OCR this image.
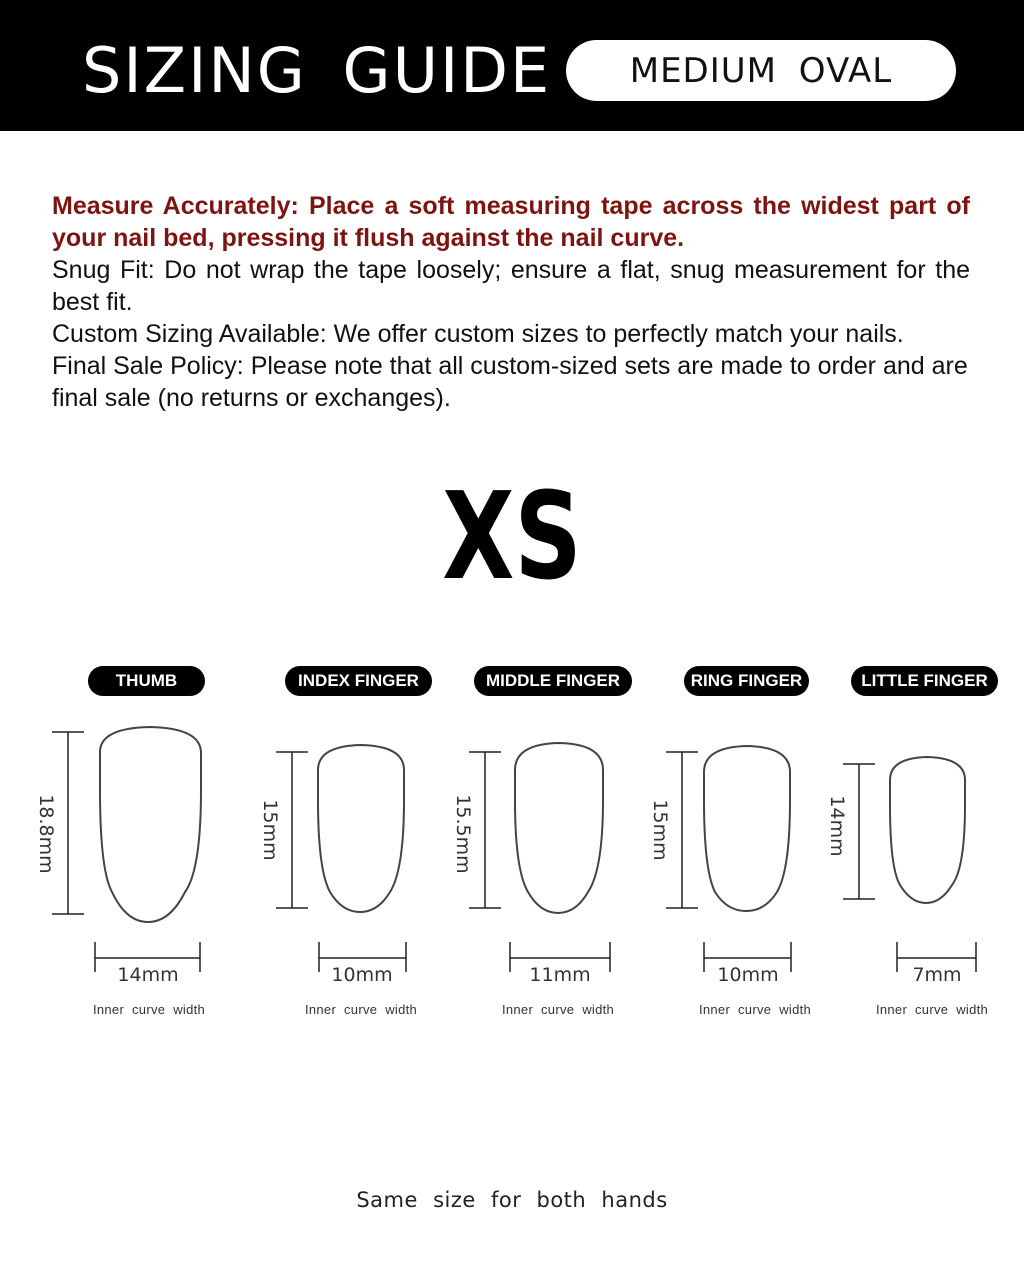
SIZING GUIDE MEDIUM OVAL

Measure Accurately: Place a soft measuring tape across the widest part of your nail bed, pressing it flush against the nail curve.

Snug Fit: Do not wrap the tape loosely; ensure a flat, snug measurement for the best fit.

Custom Sizing Available: We offer custom sizes to perfectly match your nails.

Final Sale Policy: Please note that all custom-sized sets are made to order and are final sale (no returns or exchanges).

XS
THUMB	INDEX FINGER	MIDDLE FINGER	RING FINGER	LITTLE FINGER
18.8mm	15mm	15.5mm	15mm	14mm
14mm	10mm	11mm	10mm	7mm
Inner curve width	Inner curve width	Inner curve width	Inner curve width	Inner curve width
Same size for both hands
